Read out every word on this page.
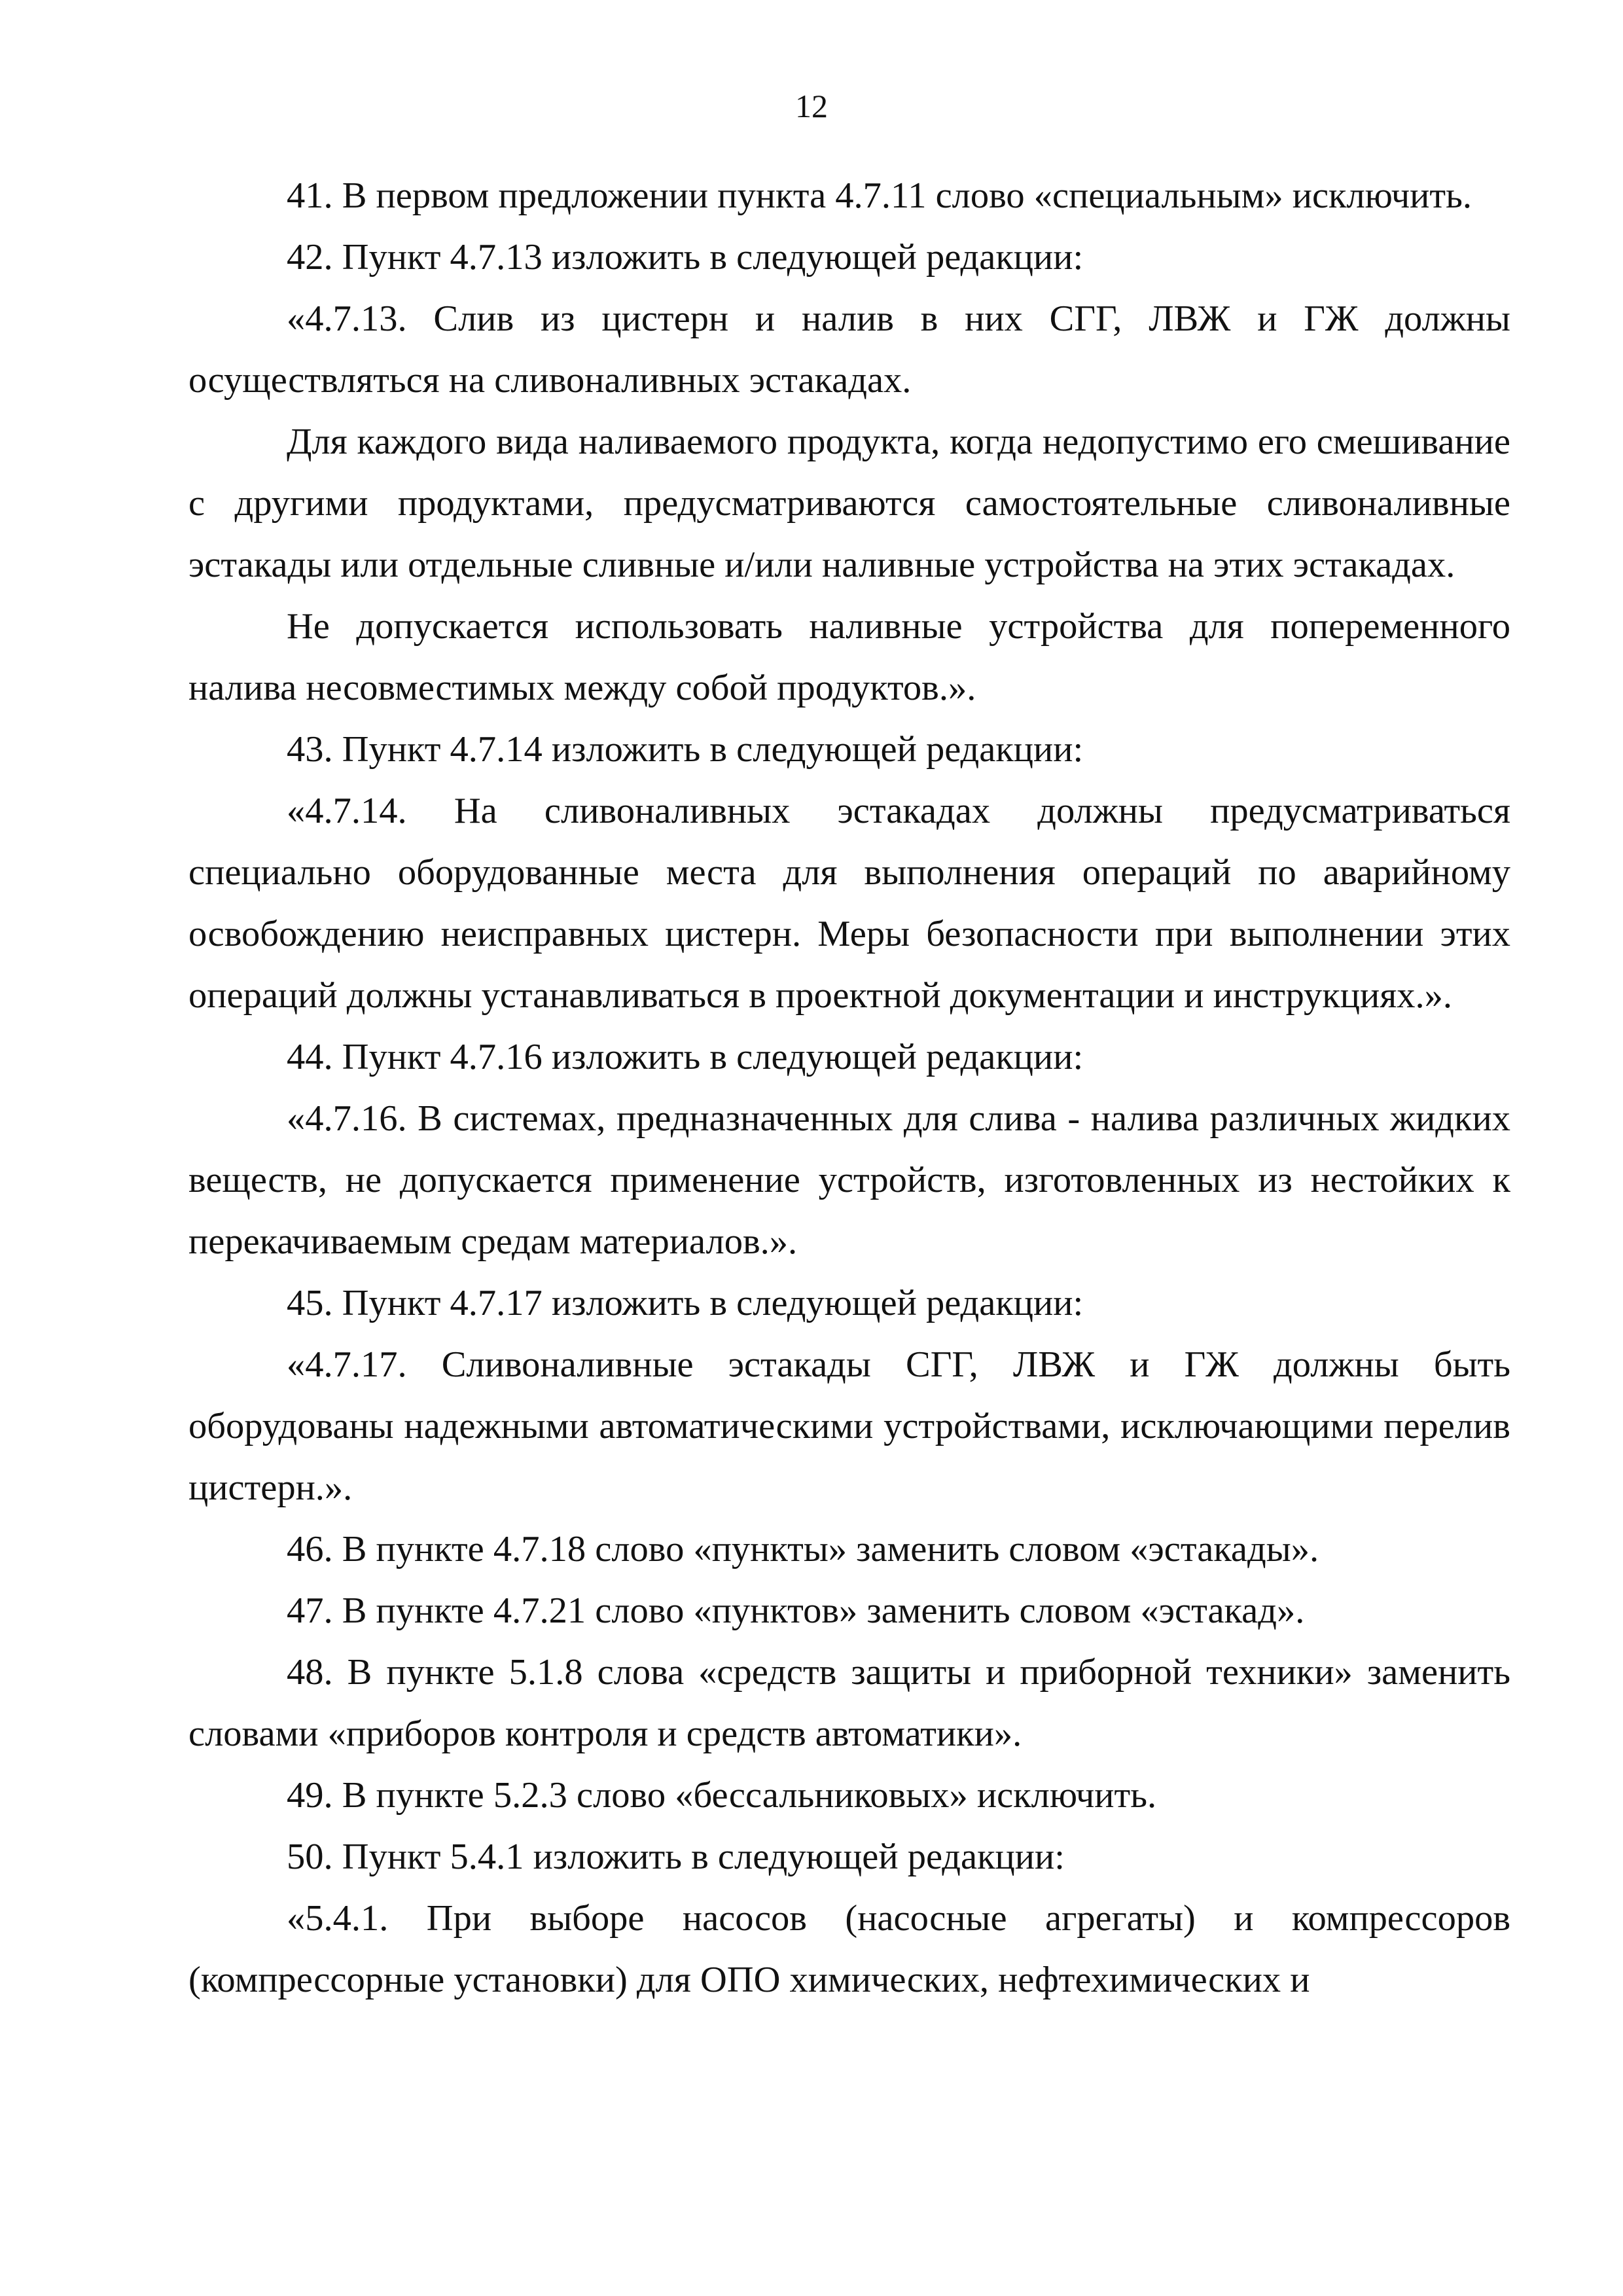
12

41. В первом предложении пункта 4.7.11 слово «специальным» исключить.

42. Пункт 4.7.13 изложить в следующей редакции:

«4.7.13. Слив из цистерн и налив в них СГГ, ЛВЖ и ГЖ должны осуществляться на сливоналивных эстакадах.

Для каждого вида наливаемого продукта, когда недопустимо его смешивание с другими продуктами, предусматриваются самостоятельные сливоналивные эстакады или отдельные сливные и/или наливные устройства на этих эстакадах.

Не допускается использовать наливные устройства для попеременного налива несовместимых между собой продуктов.».

43. Пункт 4.7.14 изложить в следующей редакции:

«4.7.14. На сливоналивных эстакадах должны предусматриваться специально оборудованные места для выполнения операций по аварийному освобождению неисправных цистерн. Меры безопасности при выполнении этих операций должны устанавливаться в проектной документации и инструкциях.».

44. Пункт 4.7.16 изложить в следующей редакции:

«4.7.16. В системах, предназначенных для слива - налива различных жидких веществ, не допускается применение устройств, изготовленных из нестойких к перекачиваемым средам материалов.».

45. Пункт 4.7.17 изложить в следующей редакции:

«4.7.17. Сливоналивные эстакады СГГ, ЛВЖ и ГЖ должны быть оборудованы надежными автоматическими устройствами, исключающими перелив цистерн.».

46. В пункте 4.7.18 слово «пункты» заменить словом «эстакады».

47. В пункте 4.7.21 слово «пунктов» заменить словом «эстакад».

48. В пункте 5.1.8 слова «средств защиты и приборной техники» заменить словами «приборов контроля и средств автоматики».

49. В пункте 5.2.3 слово «бессальниковых» исключить.

50. Пункт 5.4.1 изложить в следующей редакции:

«5.4.1. При выборе насосов (насосные агрегаты) и компрессоров (компрессорные установки) для ОПО химических, нефтехимических и
